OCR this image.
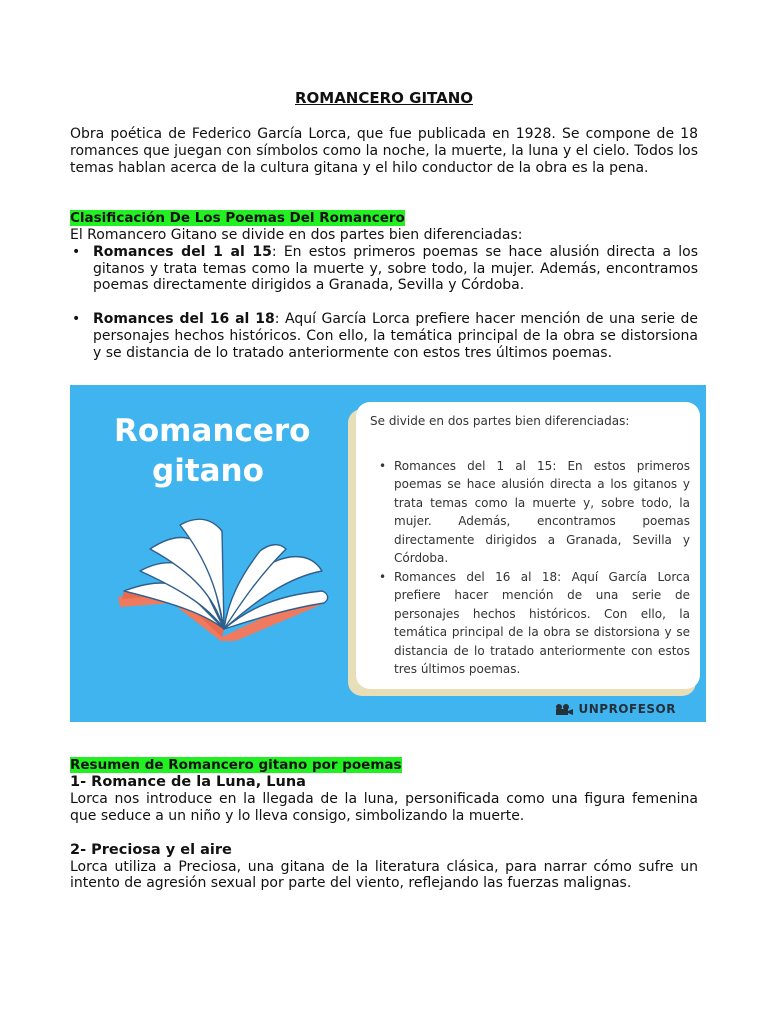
ROMANCERO GITANO

Obra poética de Federico García Lorca, que fue publicada en 1928. Se compone de 18 romances que juegan con símbolos como la noche, la muerte, la luna y el cielo. Todos los temas hablan acerca de la cultura gitana y el hilo conductor de la obra es la pena.

Clasificación De Los Poemas Del Romancero

El Romancero Gitano se divide en dos partes bien diferenciadas:

• Romances del 1 al 15: En estos primeros poemas se hace alusión directa a los gitanos y trata temas como la muerte y, sobre todo, la mujer. Además, encontramos poemas directamente dirigidos a Granada, Sevilla y Córdoba.
• Romances del 16 al 18: Aquí García Lorca prefiere hacer mención de una serie de personajes hechos históricos. Con ello, la temática principal de la obra se distorsiona y se distancia de lo tratado anteriormente con estos tres últimos poemas.
Romancero
gitano

Se divide en dos partes bien diferenciadas:

• Romances del 1 al 15: En estos primeros poemas se hace alusión directa a los gitanos y trata temas como la muerte y, sobre todo, la mujer. Además, encontramos poemas directamente dirigidos a Granada, Sevilla y Córdoba.
• Romances del 16 al 18: Aquí García Lorca prefiere hacer mención de una serie de personajes hechos históricos. Con ello, la temática principal de la obra se distorsiona y se distancia de lo tratado anteriormente con estos tres últimos poemas.
UNPROFESOR
Resumen de Romancero gitano por poemas

1- Romance de la Luna, Luna

Lorca nos introduce en la llegada de la luna, personificada como una figura femenina que seduce a un niño y lo lleva consigo, simbolizando la muerte.

2- Preciosa y el aire

Lorca utiliza a Preciosa, una gitana de la literatura clásica, para narrar cómo sufre un intento de agresión sexual por parte del viento, reflejando las fuerzas malignas.
